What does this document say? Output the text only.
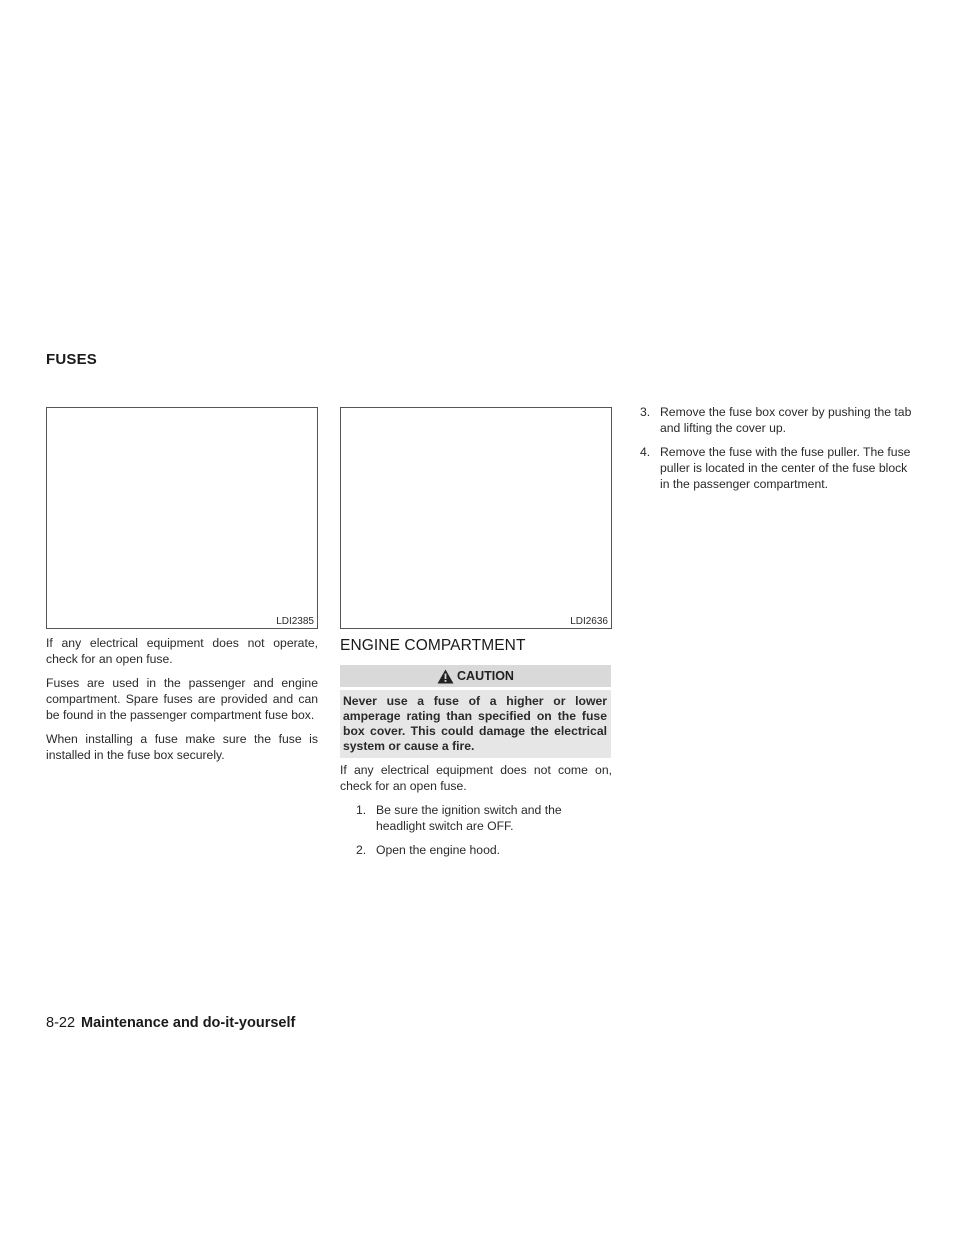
FUSES
LDI2385	LDI2636

If any electrical equipment does not operate, check for an open fuse.

Fuses are used in the passenger and engine compartment. Spare fuses are provided and can be found in the passenger compartment fuse box.

When installing a fuse make sure the fuse is installed in the fuse box securely.

ENGINE COMPARTMENT
CAUTION
Never use a fuse of a higher or lower amperage rating than specified on the fuse box cover. This could damage the electrical system or cause a fire.

If any electrical equipment does not come on, check for an open fuse.

1. Be sure the ignition switch and the headlight switch are OFF.
2. Open the engine hood.
3. Remove the fuse box cover by pushing the tab and lifting the cover up.
4. Remove the fuse with the fuse puller. The fuse puller is located in the center of the fuse block in the passenger compartment.
8-22 Maintenance and do-it-yourself
